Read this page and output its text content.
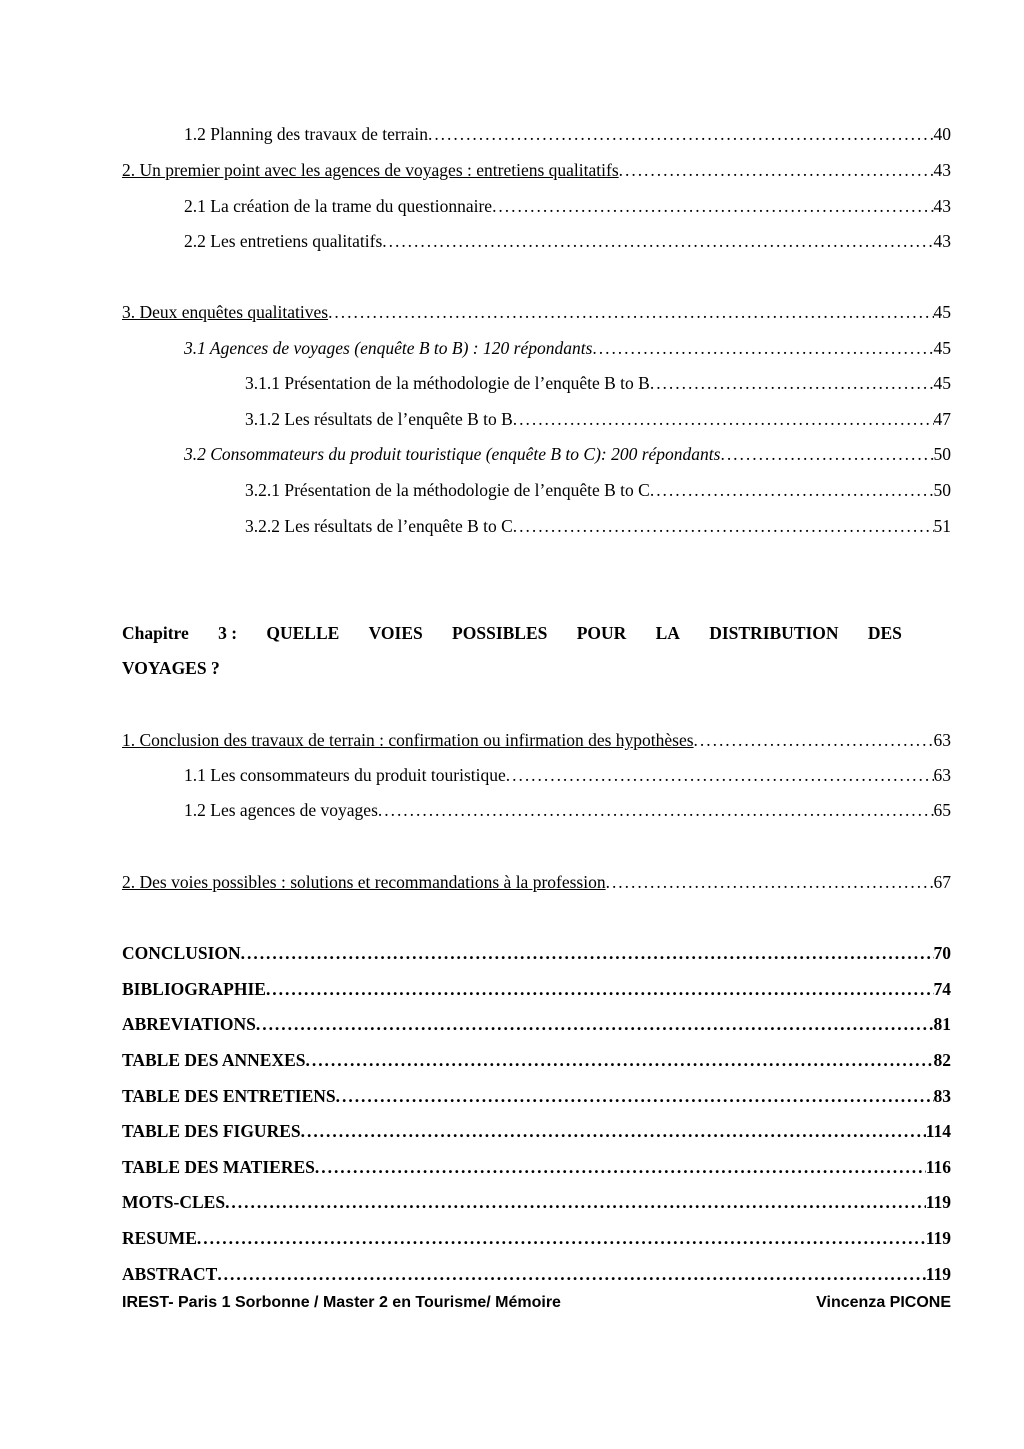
1.2 Planning des travaux de terrain . . .	40
2. Un premier point avec les agences de voyages : entretiens qualitatifs . . .	43
2.1 La création de la trame du questionnaire . . .	43
2.2 Les entretiens qualitatifs . . .	43
3. Deux enquêtes qualitatives . . .	45
3.1 Agences de voyages (enquête B to B) : 120 répondants . . .	45
3.1.1 Présentation de la méthodologie de l’enquête B to B . . .	45
3.1.2 Les résultats de l’enquête B to B . . .	47
3.2 Consommateurs du produit touristique (enquête B to C): 200 répondants . . .	50
3.2.1 Présentation de la méthodologie de l’enquête B to C . . .	50
3.2.2 Les résultats de l’enquête B to C . . .	51
Chapitre 3 : QUELLE VOIES POSSIBLES POUR LA DISTRIBUTION DES
VOYAGES ?
1. Conclusion des travaux de terrain : confirmation ou infirmation des hypothèses . . .	63
1.1 Les consommateurs du produit touristique . . .	63
1.2 Les agences de voyages . . .	65
2. Des voies possibles : solutions et recommandations à la profession . . .	67
CONCLUSION . . .	70
BIBLIOGRAPHIE . . .	74
ABREVIATIONS . . .	81
TABLE DES ANNEXES . . .	82
TABLE DES ENTRETIENS . . .	83
TABLE DES FIGURES . . .	114
TABLE DES MATIERES . . .	116
MOTS-CLES . . .	119
RESUME . . .	119
ABSTRACT . . .	119
IREST- Paris 1 Sorbonne / Master 2 en Tourisme/ Mémoire	Vincenza PICONE
